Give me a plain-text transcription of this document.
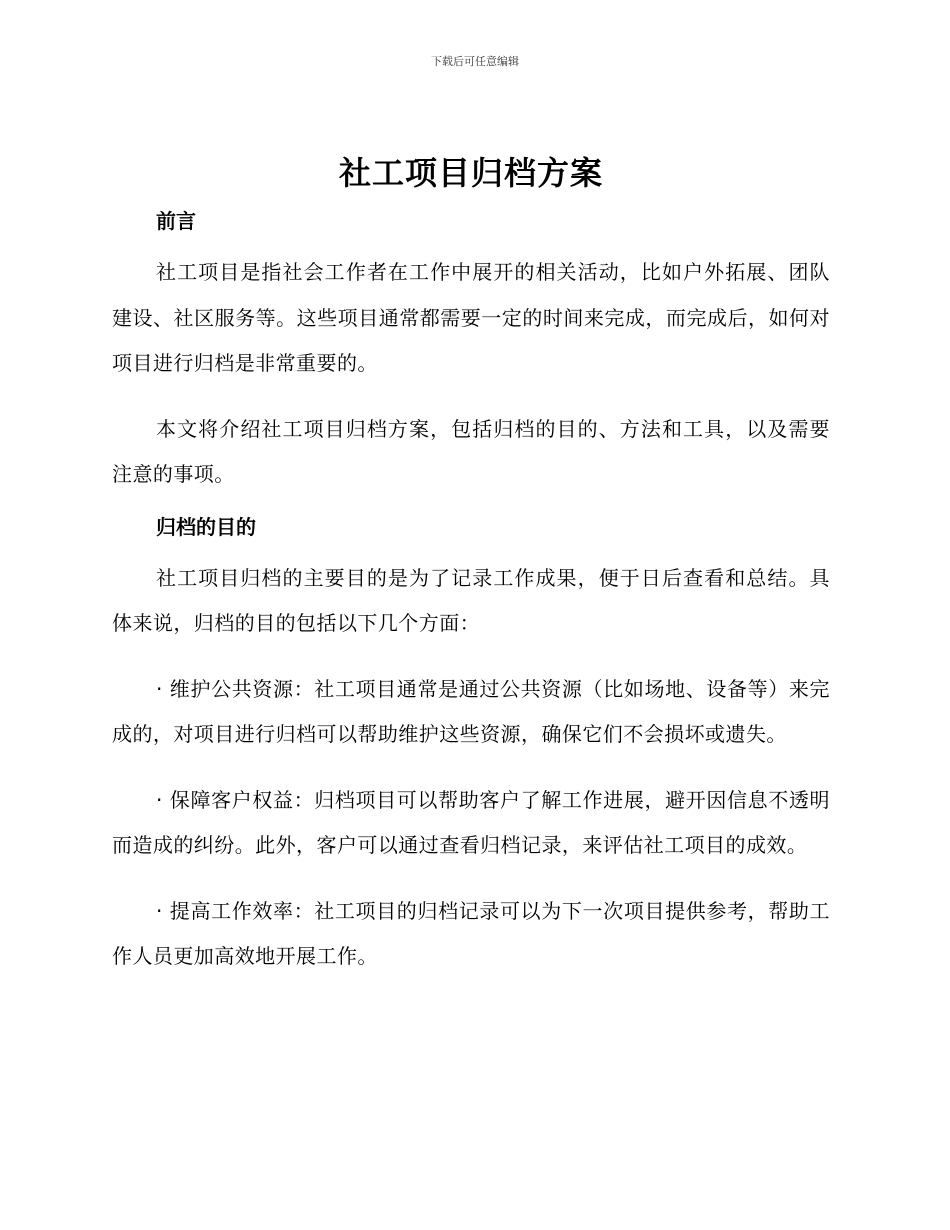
下载后可任意编辑
社工项目归档方案
前言

社工项目是指社会工作者在工作中展开的相关活动，比如户外拓展、团队建设、社区服务等。这些项目通常都需要一定的时间来完成，而完成后，如何对项目进行归档是非常重要的。

本文将介绍社工项目归档方案，包括归档的目的、方法和工具，以及需要注意的事项。

归档的目的

社工项目归档的主要目的是为了记录工作成果，便于日后查看和总结。具体来说，归档的目的包括以下几个方面：

· 维护公共资源：社工项目通常是通过公共资源（比如场地、设备等）来完成的，对项目进行归档可以帮助维护这些资源，确保它们不会损坏或遗失。

· 保障客户权益：归档项目可以帮助客户了解工作进展，避开因信息不透明而造成的纠纷。此外，客户可以通过查看归档记录，来评估社工项目的成效。

· 提高工作效率：社工项目的归档记录可以为下一次项目提供参考，帮助工作人员更加高效地开展工作。
